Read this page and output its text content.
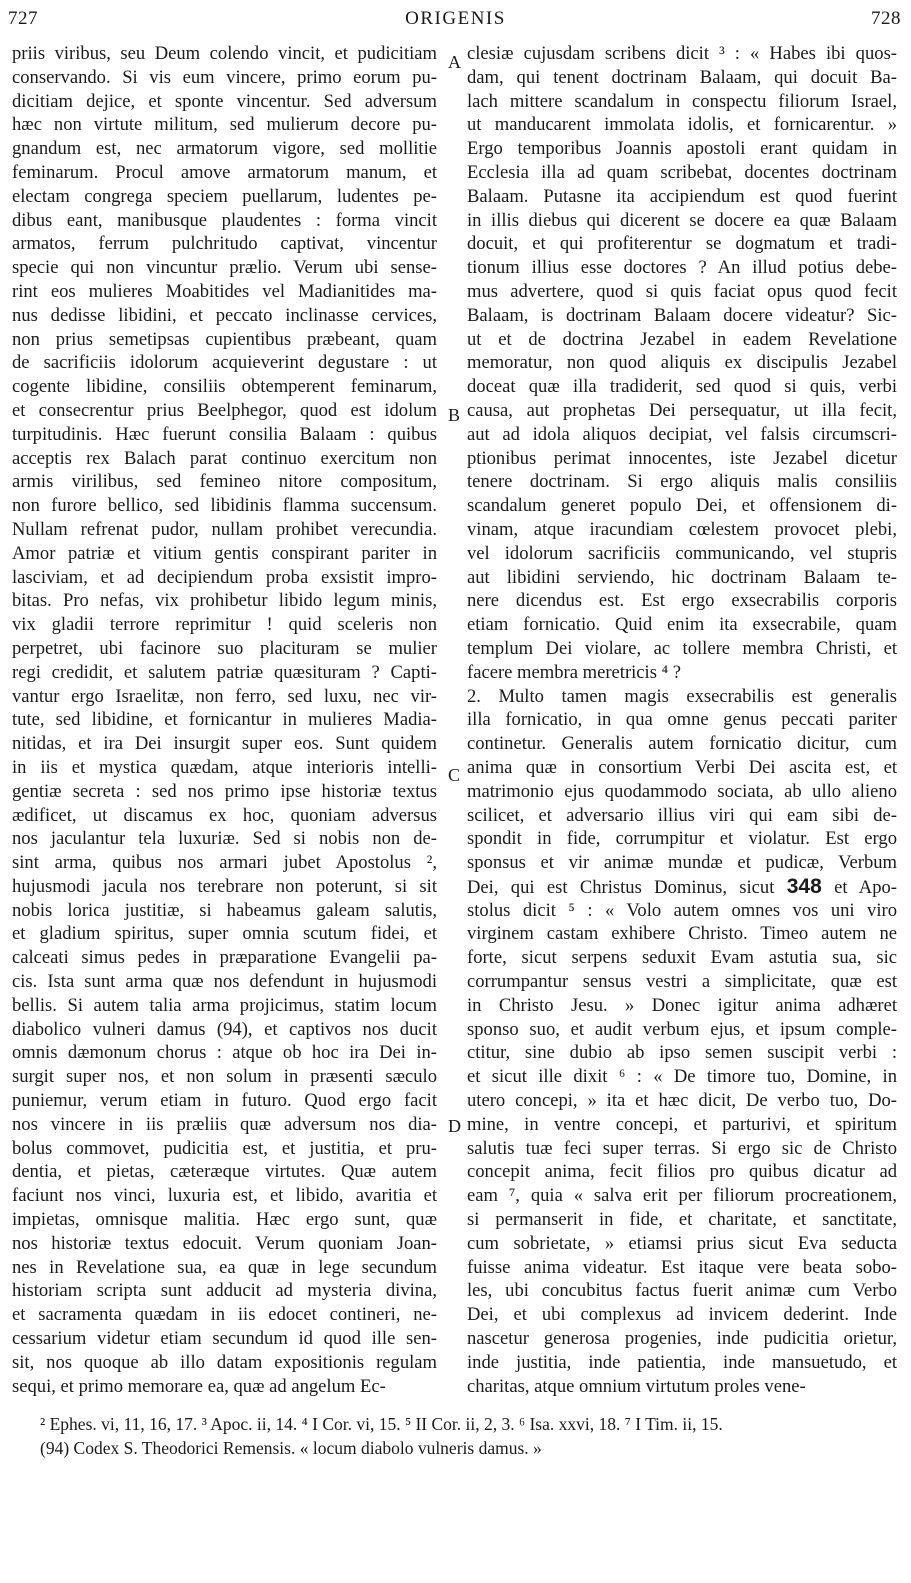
727	ORIGENIS	728
priis viribus, seu Deum colendo vincit, et pudicitiam
conservando. Si vis eum vincere, primo eorum pu-
dicitiam dejice, et sponte vincentur. Sed adversum
hæc non virtute militum, sed mulierum decore pu-
gnandum est, nec armatorum vigore, sed mollitie
feminarum. Procul amove armatorum manum, et
electam congrega speciem puellarum, ludentes pe-
dibus eant, manibusque plaudentes : forma vincit
armatos, ferrum pulchritudo captivat, vincentur
specie qui non vincuntur prælio. Verum ubi sense-
rint eos mulieres Moabitides vel Madianitides ma-
nus dedisse libidini, et peccato inclinasse cervices,
non prius semetipsas cupientibus præbeant, quam
de sacrificiis idolorum acquieverint degustare : ut
cogente libidine, consiliis obtemperent feminarum,
et consecrentur prius Beelphegor, quod est idolum
turpitudinis. Hæc fuerunt consilia Balaam : quibus
acceptis rex Balach parat continuo exercitum non
armis virilibus, sed femineo nitore compositum,
non furore bellico, sed libidinis flamma succensum.
Nullam refrenat pudor, nullam prohibet verecundia.
Amor patriæ et vitium gentis conspirant pariter in
lasciviam, et ad decipiendum proba exsistit impro-
bitas. Pro nefas, vix prohibetur libido legum minis,
vix gladii terrore reprimitur ! quid sceleris non
perpetret, ubi facinore suo placituram se mulier
regi credidit, et salutem patriæ quæsituram ? Capti-
vantur ergo Israelitæ, non ferro, sed luxu, nec vir-
tute, sed libidine, et fornicantur in mulieres Madia-
nitidas, et ira Dei insurgit super eos. Sunt quidem
in iis et mystica quædam, atque interioris intelli-
gentiæ secreta : sed nos primo ipse historiæ textus
ædificet, ut discamus ex hoc, quoniam adversus
nos jaculantur tela luxuriæ. Sed si nobis non de-
sint arma, quibus nos armari jubet Apostolus ²,
hujusmodi jacula nos terebrare non poterunt, si sit
nobis lorica justitiæ, si habeamus galeam salutis,
et gladium spiritus, super omnia scutum fidei, et
calceati simus pedes in præparatione Evangelii pa-
cis. Ista sunt arma quæ nos defendunt in hujusmodi
bellis. Si autem talia arma projicimus, statim locum
diabolico vulneri damus (94), et captivos nos ducit
omnis dæmonum chorus : atque ob hoc ira Dei in-
surgit super nos, et non solum in præsenti sæculo
puniemur, verum etiam in futuro. Quod ergo facit
nos vincere in iis præliis quæ adversum nos dia-
bolus commovet, pudicitia est, et justitia, et pru-
dentia, et pietas, cæteræque virtutes. Quæ autem
faciunt nos vinci, luxuria est, et libido, avaritia et
impietas, omnisque malitia. Hæc ergo sunt, quæ
nos historiæ textus edocuit. Verum quoniam Joan-
nes in Revelatione sua, ea quæ in lege secundum
historiam scripta sunt adducit ad mysteria divina,
et sacramenta quædam in iis edocet contineri, ne-
cessarium videtur etiam secundum id quod ille sen-
sit, nos quoque ab illo datam expositionis regulam
sequi, et primo memorare ea, quæ ad angelum Ec-
clesiæ cujusdam scribens dicit ³ : « Habes ibi quos-
dam, qui tenent doctrinam Balaam, qui docuit Ba-
lach mittere scandalum in conspectu filiorum Israel,
ut manducarent immolata idolis, et fornicarentur. »
Ergo temporibus Joannis apostoli erant quidam in
Ecclesia illa ad quam scribebat, docentes doctrinam
Balaam. Putasne ita accipiendum est quod fuerint
in illis diebus qui dicerent se docere ea quæ Balaam
docuit, et qui profiterentur se dogmatum et tradi-
tionum illius esse doctores ? An illud potius debe-
mus advertere, quod si quis faciat opus quod fecit
Balaam, is doctrinam Balaam docere videatur? Sic-
ut et de doctrina Jezabel in eadem Revelatione
memoratur, non quod aliquis ex discipulis Jezabel
doceat quæ illa tradiderit, sed quod si quis, verbi
causa, aut prophetas Dei persequatur, ut illa fecit,
aut ad idola aliquos decipiat, vel falsis circumscri-
ptionibus perimat innocentes, iste Jezabel dicetur
tenere doctrinam. Si ergo aliquis malis consiliis
scandalum generet populo Dei, et offensionem di-
vinam, atque iracundiam cœlestem provocet plebi,
vel idolorum sacrificiis communicando, vel stupris
aut libidini serviendo, hic doctrinam Balaam te-
nere dicendus est. Est ergo exsecrabilis corporis
etiam fornicatio. Quid enim ita exsecrabile, quam
templum Dei violare, ac tollere membra Christi, et
facere membra meretricis ⁴ ?
2. Multo tamen magis exsecrabilis est generalis
illa fornicatio, in qua omne genus peccati pariter
continetur. Generalis autem fornicatio dicitur, cum
anima quæ in consortium Verbi Dei ascita est, et
matrimonio ejus quodammodo sociata, ab ullo alieno
scilicet, et adversario illius viri qui eam sibi de-
spondit in fide, corrumpitur et violatur. Est ergo
sponsus et vir animæ mundæ et pudicæ, Verbum
Dei, qui est Christus Dominus, sicut 348 et Apo-
stolus dicit ⁵ : « Volo autem omnes vos uni viro
virginem castam exhibere Christo. Timeo autem ne
forte, sicut serpens seduxit Evam astutia sua, sic
corrumpantur sensus vestri a simplicitate, quæ est
in Christo Jesu. » Donec igitur anima adhæret
sponso suo, et audit verbum ejus, et ipsum comple-
ctitur, sine dubio ab ipso semen suscipit verbi :
et sicut ille dixit ⁶ : « De timore tuo, Domine, in
utero concepi, » ita et hæc dicit, De verbo tuo, Do-
mine, in ventre concepi, et parturivi, et spiritum
salutis tuæ feci super terras. Si ergo sic de Christo
concepit anima, fecit filios pro quibus dicatur ad
eam ⁷, quia « salva erit per filiorum procreationem,
si permanserit in fide, et charitate, et sanctitate,
cum sobrietate, » etiamsi prius sicut Eva seducta
fuisse anima videatur. Est itaque vere beata sobo-
les, ubi concubitus factus fuerit animæ cum Verbo
Dei, et ubi complexus ad invicem dederint. Inde
nascetur generosa progenies, inde pudicitia orietur,
inde justitia, inde patientia, inde mansuetudo, et
charitas, atque omnium virtutum proles vene-
A
B
C
D
² Ephes. vi, 11, 16, 17. ³ Apoc. ii, 14. ⁴ I Cor. vi, 15. ⁵ II Cor. ii, 2, 3. ⁶ Isa. xxvi, 18. ⁷ I Tim. ii, 15.
(94) Codex S. Theodorici Remensis. « locum diabolo vulneris damus. »
